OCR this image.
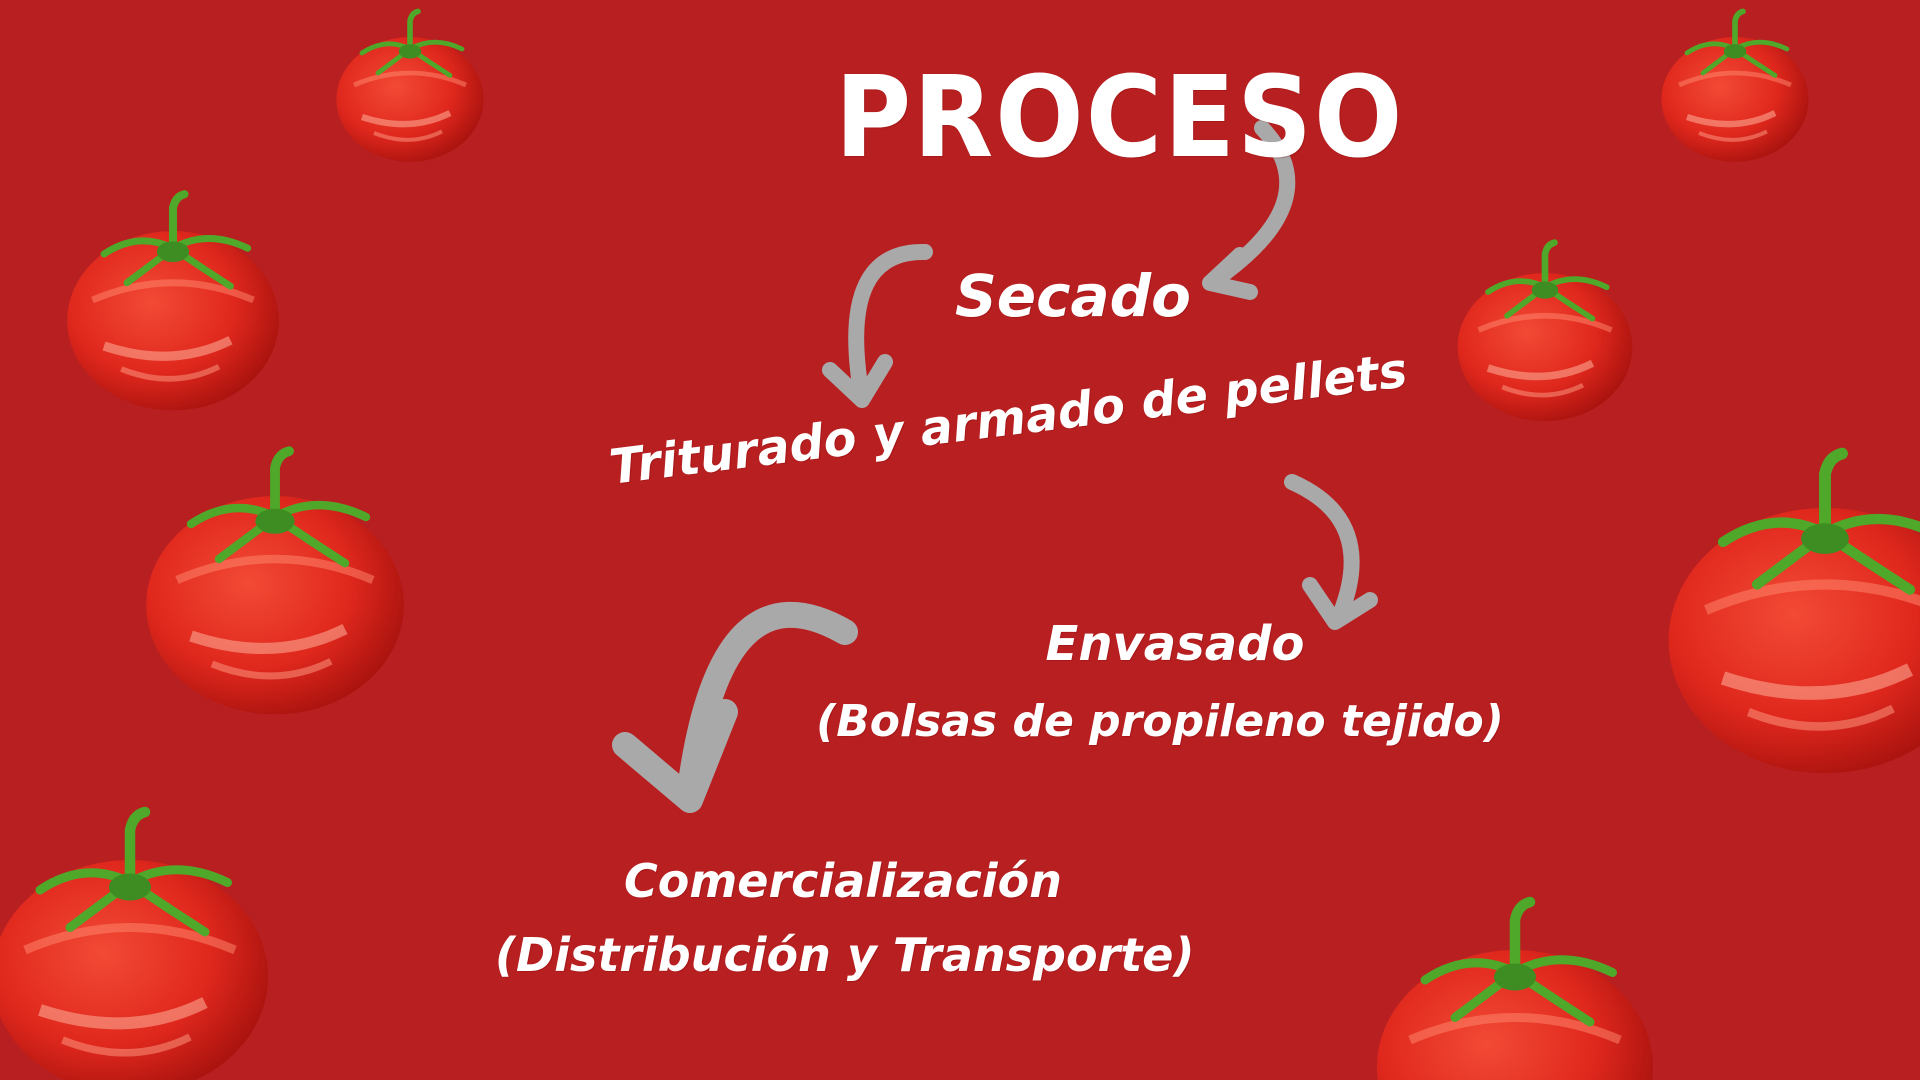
PROCESO
Secado
Triturado y armado de pellets
Envasado
(Bolsas de propileno tejido)
Comercialización
(Distribución y Transporte)
